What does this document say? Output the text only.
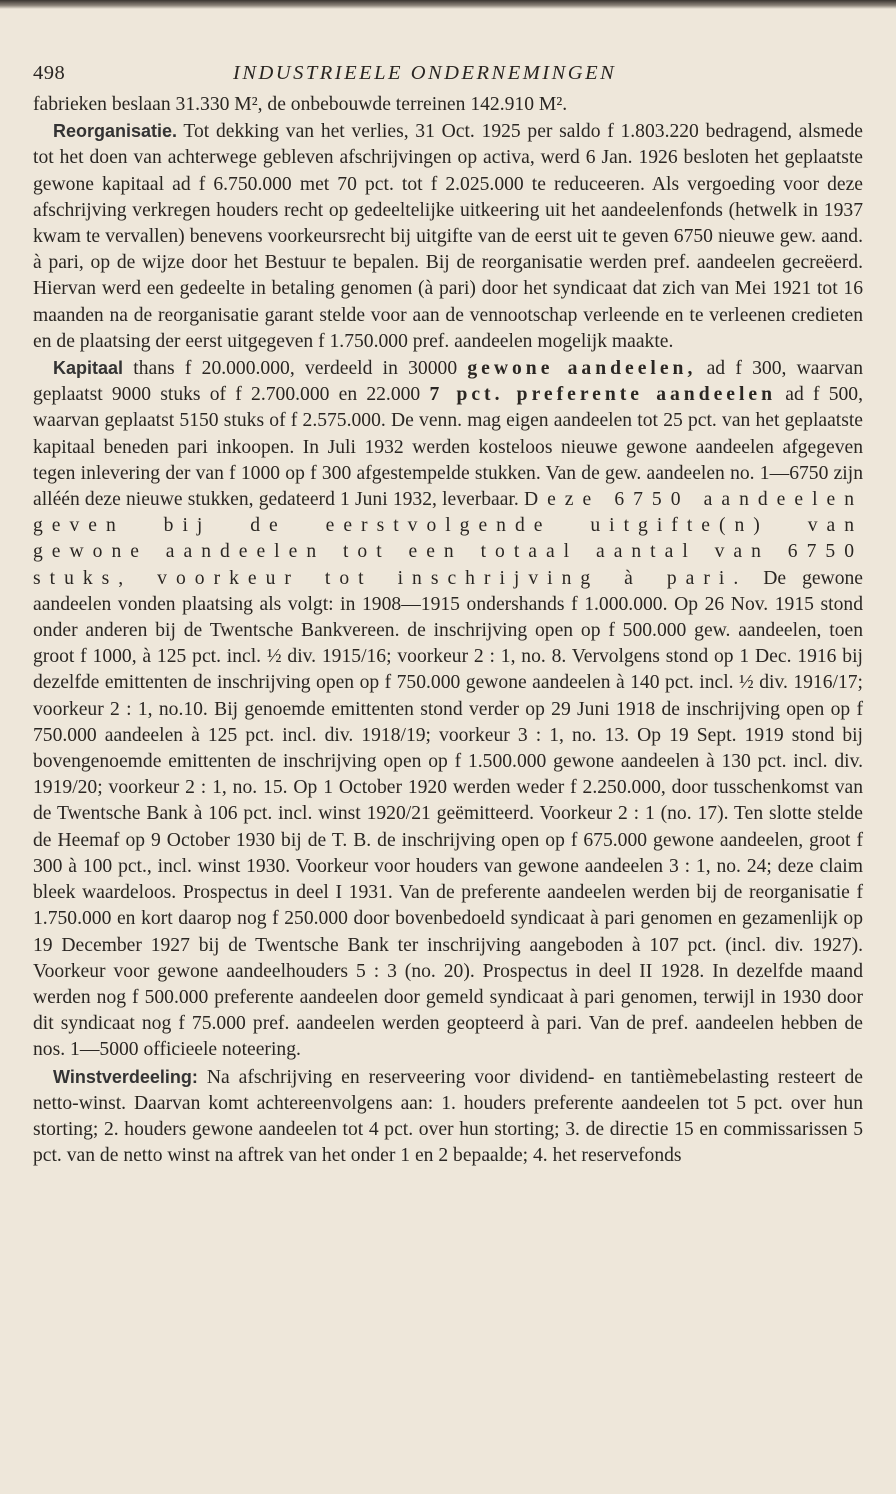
498	INDUSTRIEELE ONDERNEMINGEN

fabrieken beslaan 31.330 M², de onbebouwde terreinen 142.910 M².

Reorganisatie. Tot dekking van het verlies, 31 Oct. 1925 per saldo f 1.803.220 bedragend, alsmede tot het doen van achterwege gebleven afschrijvingen op activa, werd 6 Jan. 1926 besloten het geplaatste gewone kapitaal ad f 6.750.000 met 70 pct. tot f 2.025.000 te reduceeren. Als vergoeding voor deze afschrijving verkregen houders recht op gedeeltelijke uitkeering uit het aandeelenfonds (hetwelk in 1937 kwam te vervallen) benevens voorkeursrecht bij uitgifte van de eerst uit te geven 6750 nieuwe gew. aand. à pari, op de wijze door het Bestuur te bepalen. Bij de reorganisatie werden pref. aandeelen gecreëerd. Hiervan werd een gedeelte in betaling genomen (à pari) door het syndicaat dat zich van Mei 1921 tot 16 maanden na de reorganisatie garant stelde voor aan de vennootschap verleende en te verleenen credieten en de plaatsing der eerst uitgegeven f 1.750.000 pref. aandeelen mogelijk maakte.

Kapitaal thans f 20.000.000, verdeeld in 30000 gewone aandeelen, ad f 300, waarvan geplaatst 9000 stuks of f 2.700.000 en 22.000 7 pct. preferente aandeelen ad f 500, waarvan geplaatst 5150 stuks of f 2.575.000. De venn. mag eigen aandeelen tot 25 pct. van het geplaatste kapitaal beneden pari inkoopen. In Juli 1932 werden kosteloos nieuwe gewone aandeelen afgegeven tegen inlevering der van f 1000 op f 300 afgestempelde stukken. Van de gew. aandeelen no. 1—6750 zijn alléén deze nieuwe stukken, gedateerd 1 Juni 1932, leverbaar. Deze 6750 aandeelen geven bij de eerstvolgende uitgifte(n) van gewone aandeelen tot een totaal aantal van 6750 stuks, voorkeur tot inschrijving à pari. De gewone aandeelen vonden plaatsing als volgt: in 1908—1915 ondershands f 1.000.000. Op 26 Nov. 1915 stond onder anderen bij de Twentsche Bankvereen. de inschrijving open op f 500.000 gew. aandeelen, toen groot f 1000, à 125 pct. incl. ½ div. 1915/16; voorkeur 2 : 1, no. 8. Vervolgens stond op 1 Dec. 1916 bij dezelfde emittenten de inschrijving open op f 750.000 gewone aandeelen à 140 pct. incl. ½ div. 1916/17; voorkeur 2 : 1, no.10. Bij genoemde emittenten stond verder op 29 Juni 1918 de inschrijving open op f 750.000 aandeelen à 125 pct. incl. div. 1918/19; voorkeur 3 : 1, no. 13. Op 19 Sept. 1919 stond bij bovengenoemde emittenten de inschrijving open op f 1.500.000 gewone aandeelen à 130 pct. incl. div. 1919/20; voorkeur 2 : 1, no. 15. Op 1 October 1920 werden weder f 2.250.000, door tusschenkomst van de Twentsche Bank à 106 pct. incl. winst 1920/21 geëmitteerd. Voorkeur 2 : 1 (no. 17). Ten slotte stelde de Heemaf op 9 October 1930 bij de T. B. de inschrijving open op f 675.000 gewone aandeelen, groot f 300 à 100 pct., incl. winst 1930. Voorkeur voor houders van gewone aandeelen 3 : 1, no. 24; deze claim bleek waardeloos. Prospectus in deel I 1931. Van de preferente aandeelen werden bij de reorganisatie f 1.750.000 en kort daarop nog f 250.000 door bovenbedoeld syndicaat à pari genomen en gezamenlijk op 19 December 1927 bij de Twentsche Bank ter inschrijving aangeboden à 107 pct. (incl. div. 1927). Voorkeur voor gewone aandeelhouders 5 : 3 (no. 20). Prospectus in deel II 1928. In dezelfde maand werden nog f 500.000 preferente aandeelen door gemeld syndicaat à pari genomen, terwijl in 1930 door dit syndicaat nog f 75.000 pref. aandeelen werden geopteerd à pari. Van de pref. aandeelen hebben de nos. 1—5000 officieele noteering.

Winstverdeeling: Na afschrijving en reserveering voor dividend- en tantièmebelasting resteert de netto-winst. Daarvan komt achtereenvolgens aan: 1. houders preferente aandeelen tot 5 pct. over hun storting; 2. houders gewone aandeelen tot 4 pct. over hun storting; 3. de directie 15 en commissarissen 5 pct. van de netto winst na aftrek van het onder 1 en 2 bepaalde; 4. het reservefonds
